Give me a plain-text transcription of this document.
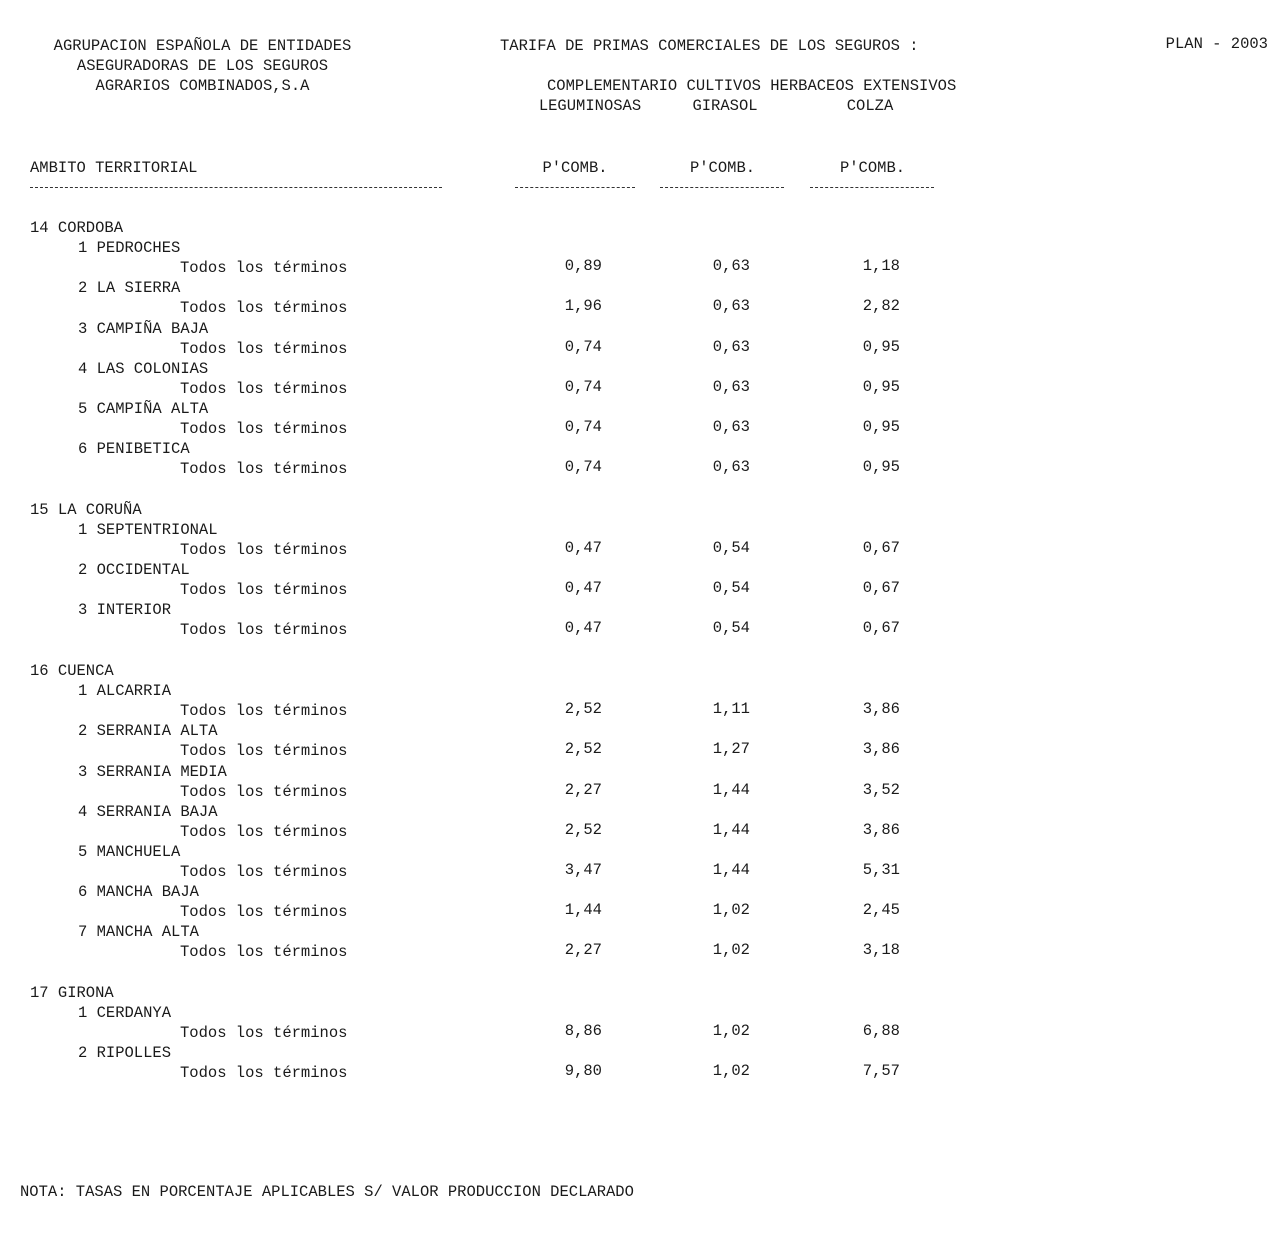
AGRUPACION ESPAÑOLA DE ENTIDADES
ASEGURADORAS DE LOS SEGUROS
AGRARIOS COMBINADOS,S.A
TARIFA DE PRIMAS COMERCIALES DE LOS SEGUROS :	PLAN - 2003
COMPLEMENTARIO CULTIVOS HERBACEOS EXTENSIVOS
LEGUMINOSAS	GIRASOL	COLZA
AMBITO TERRITORIAL	P'COMB.	P'COMB.	P'COMB.
14 CORDOBA
1 PEDROCHES
Todos los términos	0,89	0,63	1,18
2 LA SIERRA
Todos los términos	1,96	0,63	2,82
3 CAMPIÑA BAJA
Todos los términos	0,74	0,63	0,95
4 LAS COLONIAS
Todos los términos	0,74	0,63	0,95
5 CAMPIÑA ALTA
Todos los términos	0,74	0,63	0,95
6 PENIBETICA
Todos los términos	0,74	0,63	0,95
15 LA CORUÑA
1 SEPTENTRIONAL
Todos los términos	0,47	0,54	0,67
2 OCCIDENTAL
Todos los términos	0,47	0,54	0,67
3 INTERIOR
Todos los términos	0,47	0,54	0,67
16 CUENCA
1 ALCARRIA
Todos los términos	2,52	1,11	3,86
2 SERRANIA ALTA
Todos los términos	2,52	1,27	3,86
3 SERRANIA MEDIA
Todos los términos	2,27	1,44	3,52
4 SERRANIA BAJA
Todos los términos	2,52	1,44	3,86
5 MANCHUELA
Todos los términos	3,47	1,44	5,31
6 MANCHA BAJA
Todos los términos	1,44	1,02	2,45
7 MANCHA ALTA
Todos los términos	2,27	1,02	3,18
17 GIRONA
1 CERDANYA
Todos los términos	8,86	1,02	6,88
2 RIPOLLES
Todos los términos	9,80	1,02	7,57
NOTA: TASAS EN PORCENTAJE APLICABLES S/ VALOR PRODUCCION DECLARADO
